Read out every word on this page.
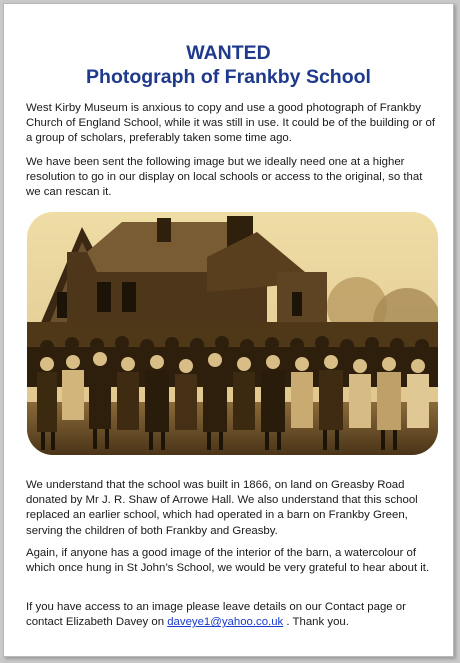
WANTED
Photograph of Frankby School

West Kirby Museum is anxious to copy and use a good photograph of Frankby Church of England School, while it was still in use. It could be of the building or of a group of scholars, preferably taken some time ago.

We have been sent the following image but we ideally need one at a higher resolution to go in our display on local schools or access to the original, so that we can rescan it.

We understand that the school was built in 1866, on land on Greasby Road donated by Mr J. R. Shaw of Arrowe Hall. We also understand that this school replaced an earlier school, which had operated in a barn on Frankby Green, serving the children of both Frankby and Greasby.

Again, if anyone has a good image of the interior of the barn, a watercolour of which once hung in St John’s School, we would be very grateful to hear about it.

If you have access to an image please leave details on our Contact page or contact Elizabeth Davey on daveye1@yahoo.co.uk . Thank you.
